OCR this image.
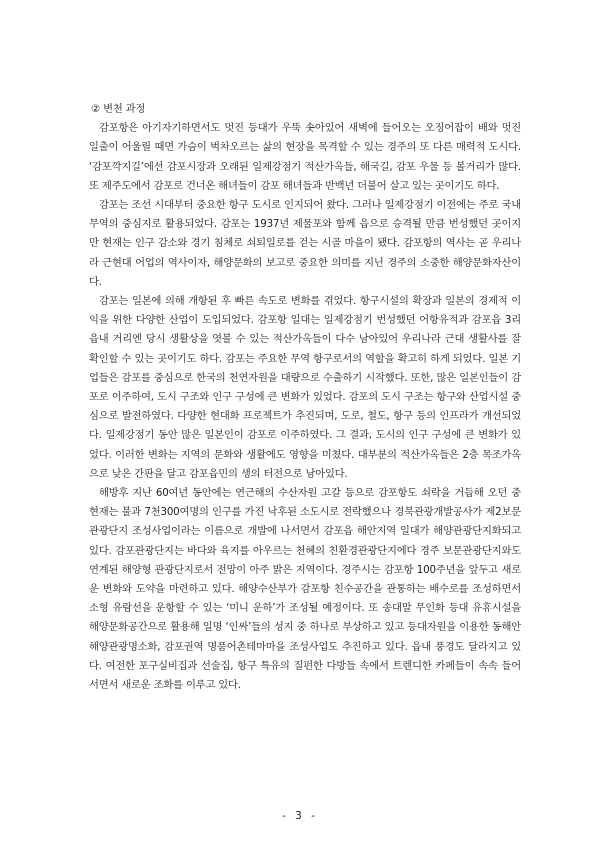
② 변천 과정

감포항은 아기자기하면서도 멋진 등대가 우뚝 솟아있어 새벽에 들어오는 오징어잡이 배와 멋진 일출이 어울릴 때면 가슴이 벅차오르는 삶의 현장을 목격할 수 있는 경주의 또 다른 매력적 도시다. ‘감포깍지길’에선 감포시장과 오래된 일제강점기 적산가옥들, 해국길, 감포 우물 등 볼거리가 많다. 또 제주도에서 감포로 건너온 해녀들이 감포 해녀들과 반백년 더불어 살고 있는 곳이기도 하다.

감포는 조선 시대부터 중요한 항구 도시로 인지되어 왔다. 그러나 일제강점기 이전에는 주로 국내 무역의 중심지로 활용되었다. 감포는 1937년 제물포와 함께 읍으로 승격될 만큼 번성했던 곳이지만 현재는 인구 감소와 경기 침체로 쇠퇴일로를 걷는 시골 마을이 됐다. 감포항의 역사는 곧 우리나라 근현대 어업의 역사이자, 해양문화의 보고로 중요한 의미를 지닌 경주의 소중한 해양문화자산이다.

감포는 일본에 의해 개항된 후 빠른 속도로 변화를 겪었다. 항구시설의 확장과 일본의 경제적 이익을 위한 다양한 산업이 도입되었다. 감포항 일대는 일제강점기 번성했던 어항유적과 감포읍 3리 읍내 거리엔 당시 생활상을 엿볼 수 있는 적산가옥들이 다수 남아있어 우리나라 근대 생활사를 잘 확인할 수 있는 곳이기도 하다. 감포는 주요한 무역 항구로서의 역할을 확고히 하게 되었다. 일본 기업들은 감포를 중심으로 한국의 천연자원을 대량으로 수출하기 시작했다. 또한, 많은 일본인들이 감포로 이주하여, 도시 구조와 인구 구성에 큰 변화가 있었다. 감포의 도시 구조는 항구와 산업시설 중심으로 발전하였다. 다양한 현대화 프로젝트가 추진되며, 도로, 철도, 항구 등의 인프라가 개선되었다. 일제강점기 동안 많은 일본인이 감포로 이주하였다. 그 결과, 도시의 인구 구성에 큰 변화가 있었다. 이러한 변화는 지역의 문화와 생활에도 영향을 미쳤다. 대부분의 적산가옥들은 2층 목조가옥으로 낮은 간판을 달고 감포읍민의 생의 터전으로 남아있다.

해방후 지난 60여년 동안에는 연근해의 수산자원 고갈 등으로 감포항도 쇠락을 거듭해 오던 중 현재는 불과 7천300여명의 인구를 가진 낙후된 소도시로 전락했으나 경북관광개발공사가 제2보문관광단지 조성사업이라는 이름으로 개발에 나서면서 감포읍 해안지역 일대가 해양관광단지화되고 있다. 감포관광단지는 바다와 육지를 아우르는 천혜의 친환경관광단지에다 경주 보문관광단지와도 연계된 해양형 관광단지로서 전망이 아주 밝은 지역이다. 경주시는 감포항 100주년을 앞두고 새로운 변화와 도약을 마련하고 있다. 해양수산부가 감포항 친수공간을 관통하는 배수로를 조성하면서 소형 유람선을 운항할 수 있는 ‘미니 운하’가 조성될 예정이다. 또 송대말 무인화 등대 유휴시설을 해양문화공간으로 활용해 일명 ‘인싸’들의 성지 중 하나로 부상하고 있고 등대자원을 이용한 동해안 해양관광명소화, 감포권역 명품어촌테마마을 조성사업도 추진하고 있다. 읍내 풍경도 달라지고 있다. 여전한 포구실비집과 선술집, 항구 특유의 질펀한 다방들 속에서 트렌디한 카페들이 속속 들어서면서 새로운 조화를 이루고 있다.

- 3 -
